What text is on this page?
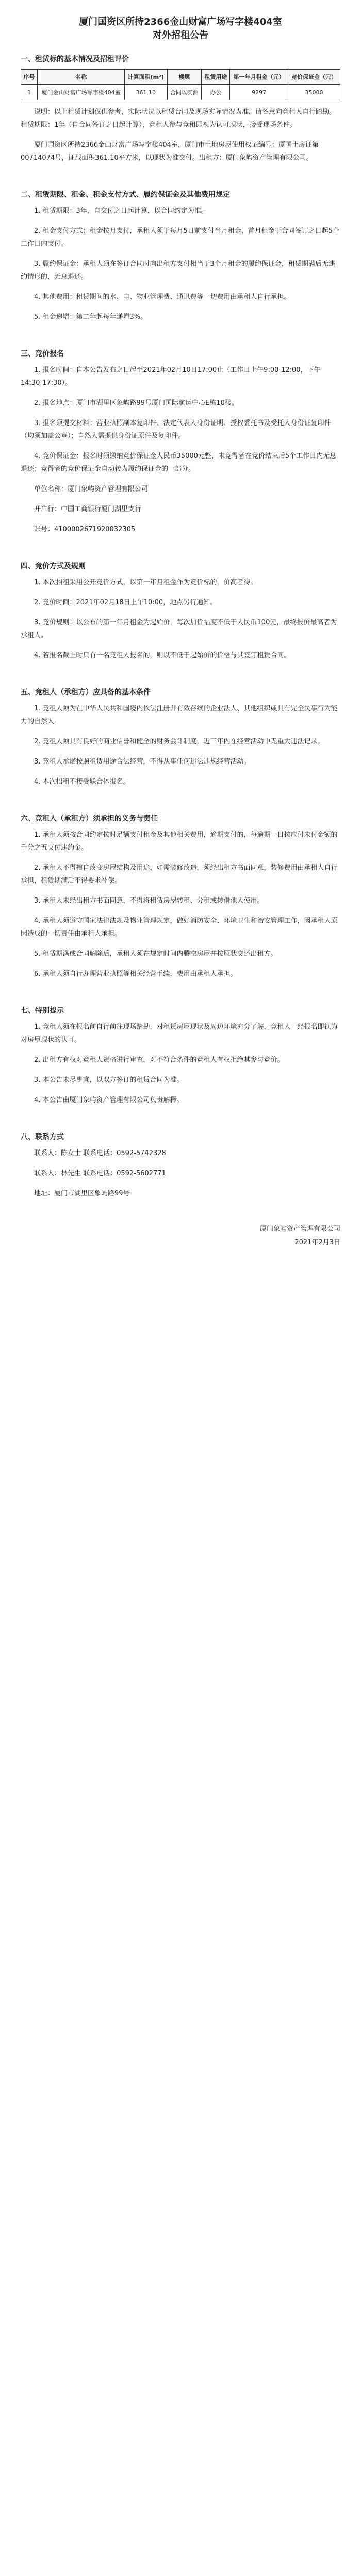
厦门国资区所持2366金山财富广场写字楼404室
对外招租公告
一、租赁标的基本情况及招租评价
序号	名称	计算面积(m²)	楼层	租赁用途	第一年月租金（元）	竞价保证金（元）
1	厦门金山财富广场写字楼404室	361.10	合同以实测	办公	9297	35000

说明：以上租赁计划仅供参考，实际状况以租赁合同及现场实际情况为准，请各意向竞租人自行踏勘。租赁期限：1年（自合同签订之日起计算），竞租人参与竞租即视为认可现状，接受现场条件。

厦门国资区所持2366金山财富广场写字楼404室，厦门市土地房屋使用权证编号：厦国土房证第00714074号，证载面积361.10平方米，以现状为准交付。出租方：厦门象屿资产管理有限公司。

二、租赁期限、租金、租金支付方式、履约保证金及其他费用规定

1. 租赁期限：3年，自交付之日起计算，以合同约定为准。

2. 租金支付方式：租金按月支付，承租人须于每月5日前支付当月租金，首月租金于合同签订之日起5个工作日内支付。

3. 履约保证金：承租人须在签订合同时向出租方支付相当于3个月租金的履约保证金，租赁期满后无违约情形的，无息退还。

4. 其他费用：租赁期间的水、电、物业管理费、通讯费等一切费用由承租人自行承担。

5. 租金递增：第二年起每年递增3%。

三、竞价报名

1. 报名时间：自本公告发布之日起至2021年02月10日17:00止（工作日上午9:00-12:00，下午14:30-17:30）。

2. 报名地点：厦门市湖里区象屿路99号厦门国际航运中心E栋10楼。

3. 报名须提交材料：营业执照副本复印件、法定代表人身份证明、授权委托书及受托人身份证复印件（均须加盖公章）；自然人需提供身份证原件及复印件。

4. 竞价保证金：报名时须缴纳竞价保证金人民币35000元整，未竞得者在竞价结束后5个工作日内无息退还；竞得者的竞价保证金自动转为履约保证金的一部分。

单位名称：厦门象屿资产管理有限公司

开户行：中国工商银行厦门湖里支行

账号：4100002671920032305

四、竞价方式及规则

1. 本次招租采用公开竞价方式，以第一年月租金作为竞价标的，价高者得。

2. 竞价时间：2021年02月18日上午10:00，地点另行通知。

3. 竞价规则：以公布的第一年月租金为起始价，每次加价幅度不低于人民币100元，最终报价最高者为承租人。

4. 若报名截止时只有一名竞租人报名的，则以不低于起始价的价格与其签订租赁合同。

五、竞租人（承租方）应具备的基本条件

1. 竞租人须为在中华人民共和国境内依法注册并有效存续的企业法人、其他组织或具有完全民事行为能力的自然人。

2. 竞租人须具有良好的商业信誉和健全的财务会计制度，近三年内在经营活动中无重大违法记录。

3. 竞租人承诺按照租赁用途合法经营，不得从事任何违法违规经营活动。

4. 本次招租不接受联合体报名。

六、竞租人（承租方）须承担的义务与责任

1. 承租人须按合同约定按时足额支付租金及其他相关费用，逾期支付的，每逾期一日按应付未付金额的千分之五支付违约金。

2. 承租人不得擅自改变房屋结构及用途，如需装修改造，须经出租方书面同意，装修费用由承租人自行承担，租赁期满后不得要求补偿。

3. 承租人未经出租方书面同意，不得将租赁房屋转租、分租或转借他人使用。

4. 承租人须遵守国家法律法规及物业管理规定，做好消防安全、环境卫生和治安管理工作，因承租人原因造成的一切责任由承租人承担。

5. 租赁期满或合同解除后，承租人须在规定时间内腾空房屋并按原状交还出租方。

6. 承租人须自行办理营业执照等相关经营手续，费用由承租人承担。

七、特别提示

1. 竞租人须在报名前自行前往现场踏勘，对租赁房屋现状及周边环境充分了解，竞租人一经报名即视为对房屋现状的认可。

2. 出租方有权对竞租人资格进行审查，对不符合条件的竞租人有权拒绝其参与竞价。

3. 本公告未尽事宜，以双方签订的租赁合同为准。

4. 本公告由厦门象屿资产管理有限公司负责解释。

八、联系方式

联系人：陈女士 联系电话：0592-5742328

联系人：林先生 联系电话：0592-5602771

地址：厦门市湖里区象屿路99号

厦门象屿资产管理有限公司
2021年2月3日
